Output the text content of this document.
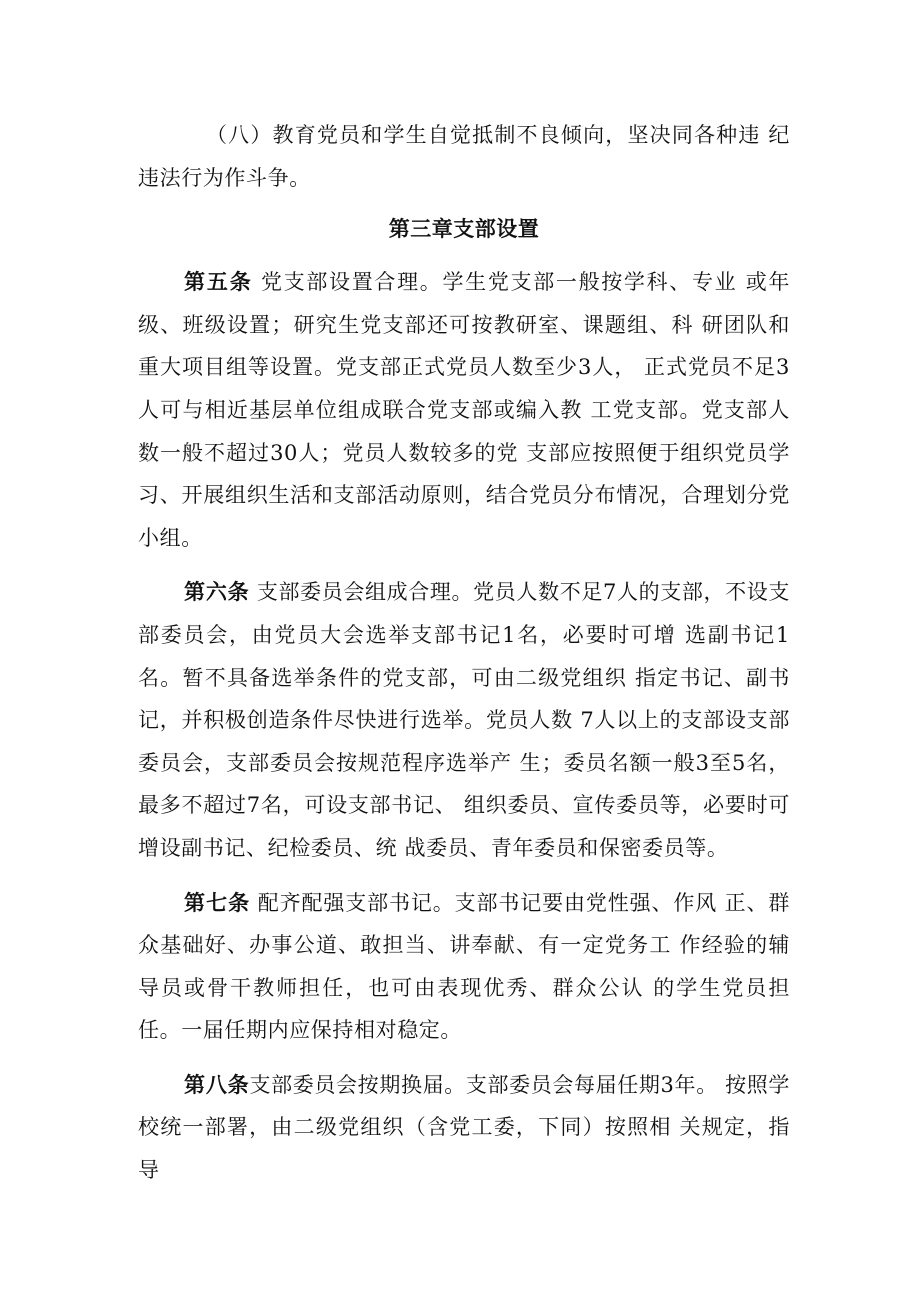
（八）教育党员和学生自觉抵制不良倾向，坚决同各种违 纪违法行为作斗争。

第三章支部设置

第五条 党支部设置合理。学生党支部一般按学科、专业 或年级、班级设置；研究生党支部还可按教研室、课题组、科 研团队和重大项目组等设置。党支部正式党员人数至少3人， 正式党员不足3人可与相近基层单位组成联合党支部或编入教 工党支部。党支部人数一般不超过30人；党员人数较多的党 支部应按照便于组织党员学习、开展组织生活和支部活动原则，结合党员分布情况，合理划分党小组。

第六条 支部委员会组成合理。党员人数不足7人的支部，不设支部委员会，由党员大会选举支部书记1名，必要时可增 选副书记1名。暂不具备选举条件的党支部，可由二级党组织 指定书记、副书记，并积极创造条件尽快进行选举。党员人数 7人以上的支部设支部委员会，支部委员会按规范程序选举产 生；委员名额一般3至5名，最多不超过7名，可设支部书记、 组织委员、宣传委员等，必要时可增设副书记、纪检委员、统 战委员、青年委员和保密委员等。

第七条 配齐配强支部书记。支部书记要由党性强、作风 正、群众基础好、办事公道、敢担当、讲奉献、有一定党务工 作经验的辅导员或骨干教师担任，也可由表现优秀、群众公认 的学生党员担任。一届任期内应保持相对稳定。

第八条支部委员会按期换届。支部委员会每届任期3年。 按照学校统一部署，由二级党组织（含党工委，下同）按照相 关规定，指导
